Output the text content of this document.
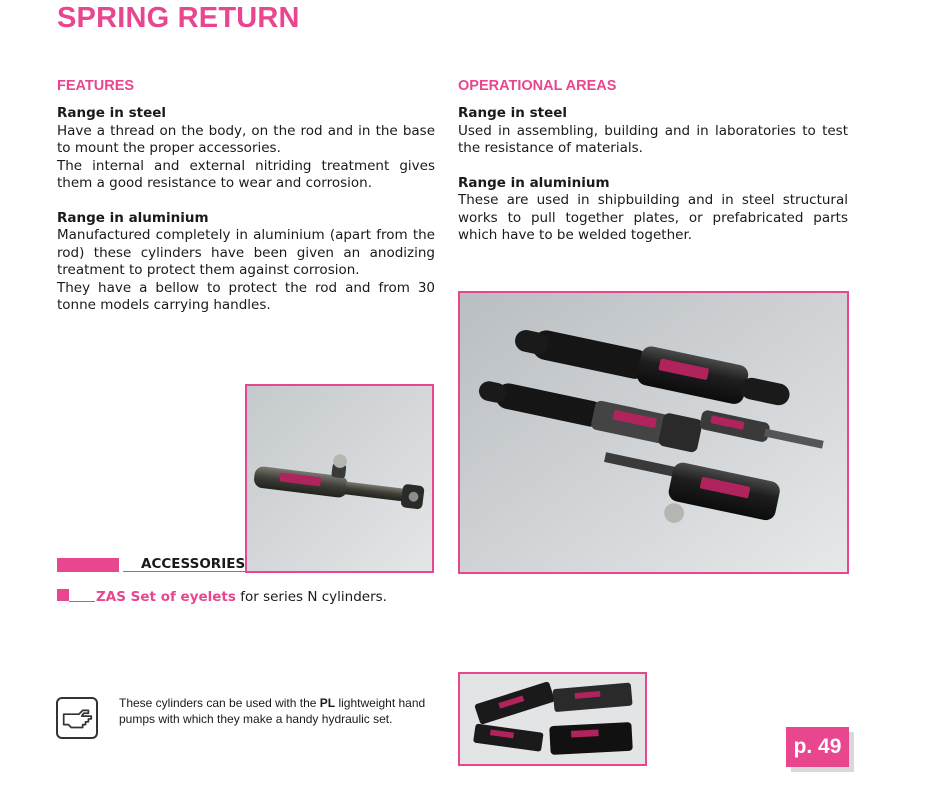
SPRING RETURN
FEATURES
Range in steel
Have a thread on the body, on the rod and in the base to mount the proper accessories.
The internal and external nitriding treatment gives them a good resistance to wear and corrosion.
Range in aluminium
Manufactured completely in aluminium (apart from the rod) these cylinders have been given an anodizing treatment to protect them against corrosion.
They have a bellow to protect the rod and from 30 tonne models carrying handles.
OPERATIONAL AREAS
Range in steel
Used in assembling, building and in laboratories to test the resistance of materials.
Range in aluminium
These are used in shipbuilding and in steel structural works to pull together plates, or prefabricated parts which have to be welded together.
ACCESSORIES
ZAS Set of eyelets for series N cylinders.
These cylinders can be used with the PL lightweight hand pumps with which they make a handy hydraulic set.
p. 49
